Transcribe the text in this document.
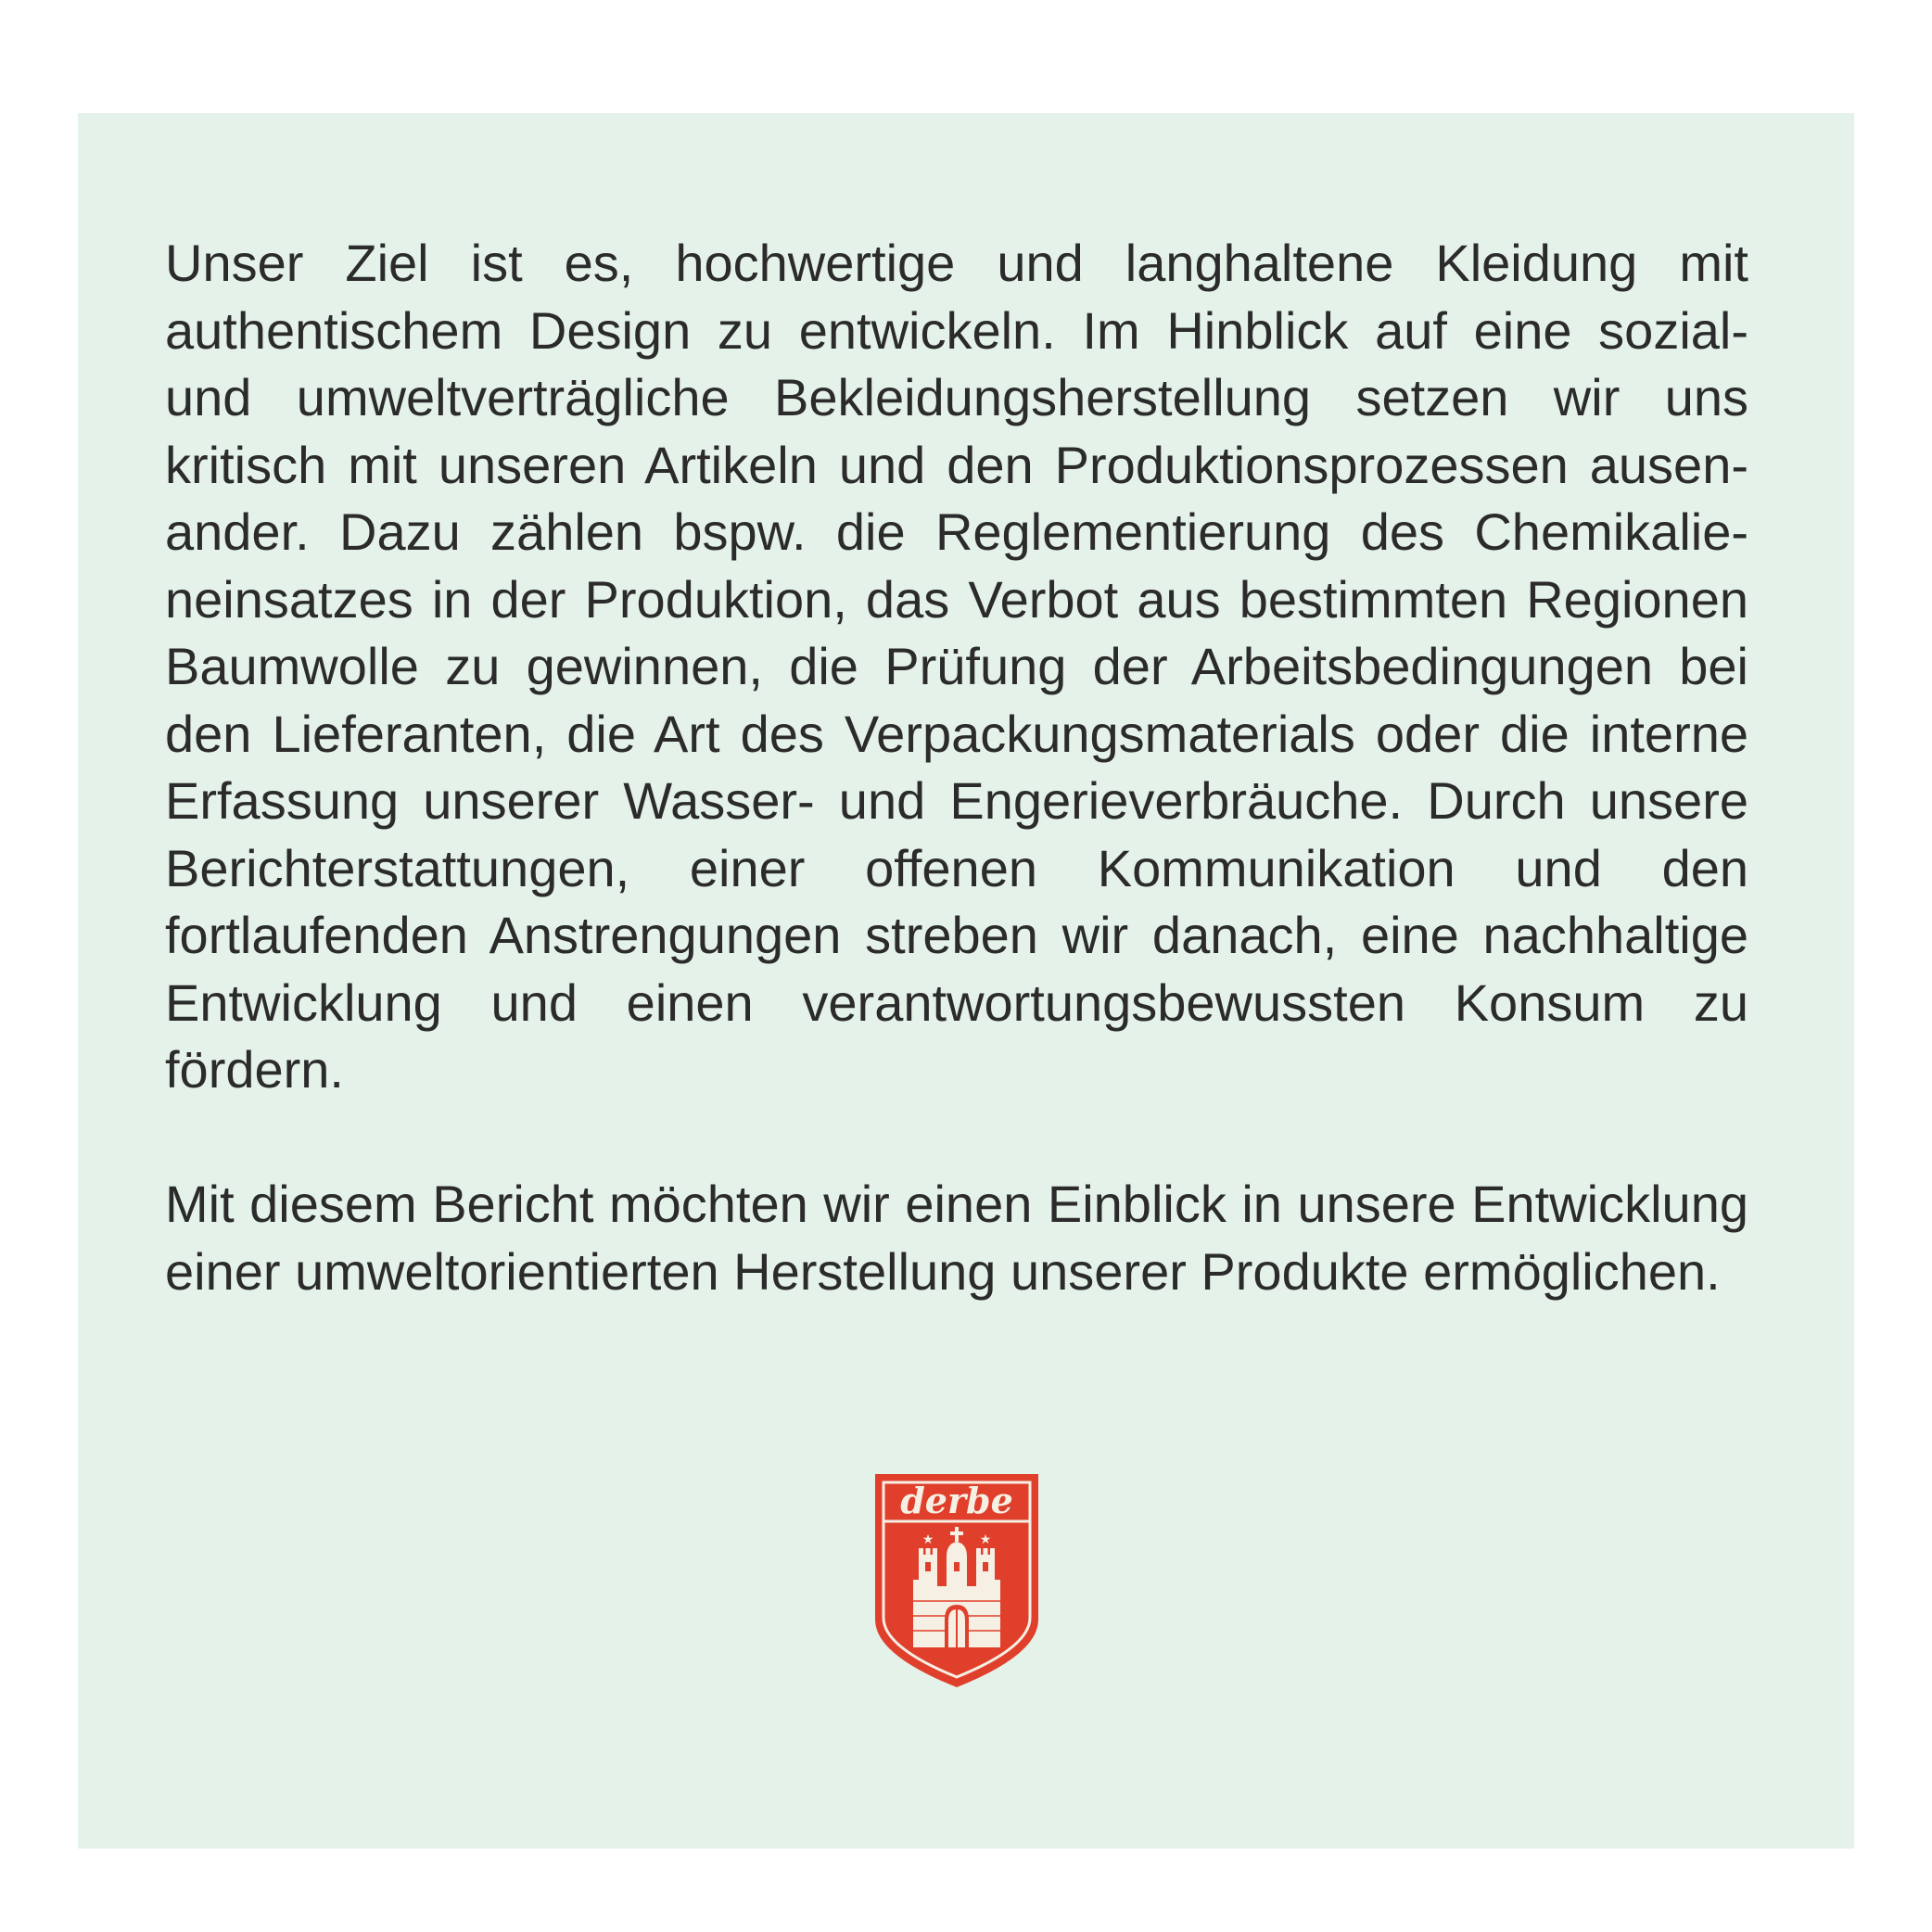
Unser Ziel ist es, hochwertige und langhaltene Kleidung mit authentischem Design zu entwickeln. Im Hinblick auf eine sozial- und umweltverträgliche Bekleidungsherstellung setzen wir uns kritisch mit unseren Artikeln und den Produktionsprozessen ausenander. Dazu zählen bspw. die Reglementierung des Chemikalieneinsatzes in der Produktion, das Verbot aus bestimmten Regionen Baumwolle zu gewinnen, die Prüfung der Arbeitsbedingungen bei den Lieferanten, die Art des Verpackungsmaterials oder die interne Erfassung unserer Wasser- und Engerieverbräuche. Durch unsere Berichterstattungen, einer offenen Kommunikation und den fortlaufenden Anstrengungen streben wir danach, eine nachhaltige Entwicklung und einen verantwortungsbewussten Konsum zu fördern.

Mit diesem Bericht möchten wir einen Einblick in unsere Entwicklung einer umweltorientierten Herstellung unserer Produkte ermöglichen.

derbe
★	★
